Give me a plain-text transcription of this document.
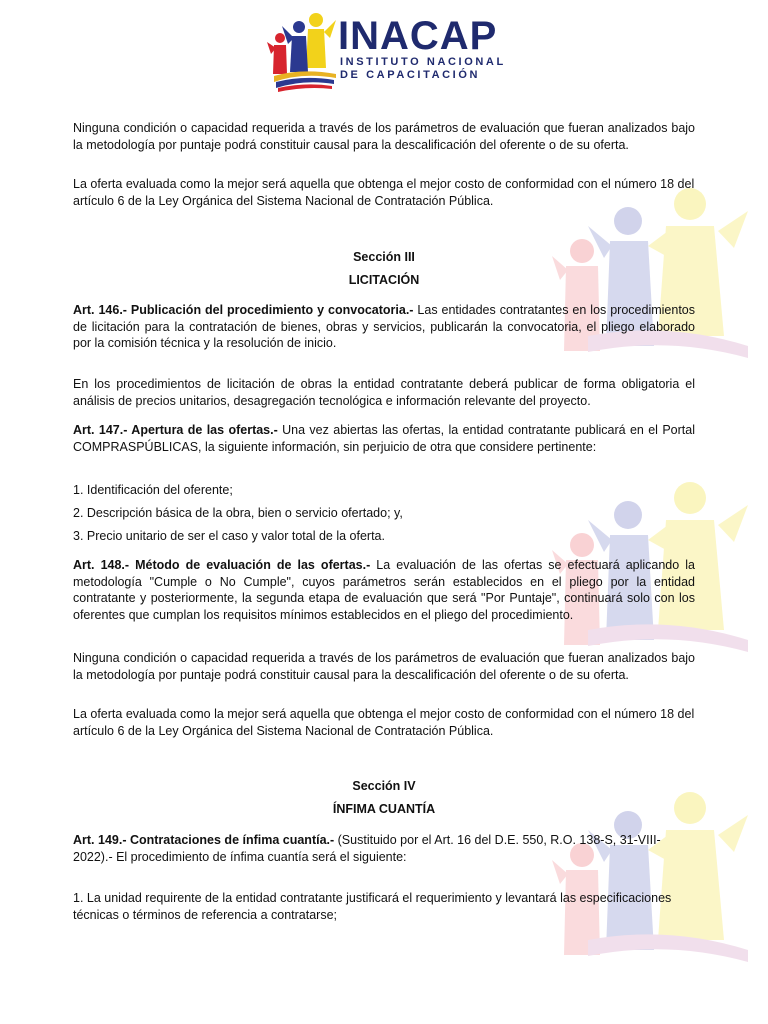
INACAP
INSTITUTO NACIONAL
DE CAPACITACIÓN

Ninguna condición o capacidad requerida a través de los parámetros de evaluación que fueran analizados bajo la metodología por puntaje podrá constituir causal para la descalificación del oferente o de su oferta.

La oferta evaluada como la mejor será aquella que obtenga el mejor costo de conformidad con el número 18 del artículo 6 de la Ley Orgánica del Sistema Nacional de Contratación Pública.

Sección III
LICITACIÓN

Art. 146.- Publicación del procedimiento y convocatoria.- Las entidades contratantes en los procedimientos de licitación para la contratación de bienes, obras y servicios, publicarán la convocatoria, el pliego elaborado por la comisión técnica y la resolución de inicio.

En los procedimientos de licitación de obras la entidad contratante deberá publicar de forma obligatoria el análisis de precios unitarios, desagregación tecnológica e información relevante del proyecto.

Art. 147.- Apertura de las ofertas.- Una vez abiertas las ofertas, la entidad contratante publicará en el Portal COMPRASPÚBLICAS, la siguiente información, sin perjuicio de otra que considere pertinente:

1. Identificación del oferente;

2. Descripción básica de la obra, bien o servicio ofertado; y,

3. Precio unitario de ser el caso y valor total de la oferta.

Art. 148.- Método de evaluación de las ofertas.- La evaluación de las ofertas se efectuará aplicando la metodología "Cumple o No Cumple", cuyos parámetros serán establecidos en el pliego por la entidad contratante y posteriormente, la segunda etapa de evaluación que será "Por Puntaje", continuará solo con los oferentes que cumplan los requisitos mínimos establecidos en el pliego del procedimiento.

Ninguna condición o capacidad requerida a través de los parámetros de evaluación que fueran analizados bajo la metodología por puntaje podrá constituir causal para la descalificación del oferente o de su oferta.

La oferta evaluada como la mejor será aquella que obtenga el mejor costo de conformidad con el número 18 del artículo 6 de la Ley Orgánica del Sistema Nacional de Contratación Pública.

Sección IV
ÍNFIMA CUANTÍA

Art. 149.- Contrataciones de ínfima cuantía.- (Sustituido por el Art. 16 del D.E. 550, R.O. 138-S, 31-VIII-2022).- El procedimiento de ínfima cuantía será el siguiente:

1. La unidad requirente de la entidad contratante justificará el requerimiento y levantará las especificaciones técnicas o términos de referencia a contratarse;
